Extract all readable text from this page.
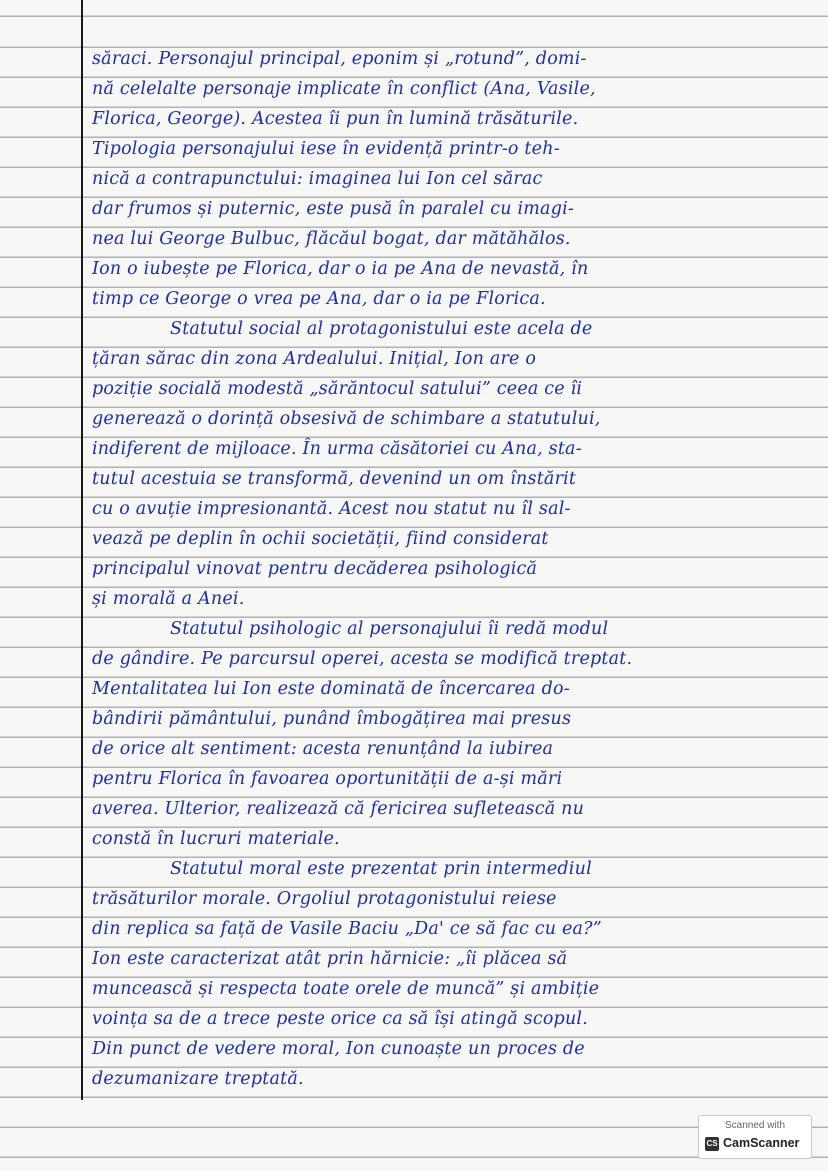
săraci. Personajul principal, eponim și „rotund”, domi-
nă celelalte personaje implicate în conflict (Ana, Vasile,
Florica, George). Acestea îi pun în lumină trăsăturile.
Tipologia personajului iese în evidență printr-o teh-
nică a contrapunctului: imaginea lui Ion cel sărac
dar frumos și puternic, este pusă în paralel cu imagi-
nea lui George Bulbuc, flăcăul bogat, dar mătăhălos.
Ion o iubește pe Florica, dar o ia pe Ana de nevastă, în
timp ce George o vrea pe Ana, dar o ia pe Florica.
Statutul social al protagonistului este acela de
țăran sărac din zona Ardealului. Inițial, Ion are o
poziție socială modestă „sărăntocul satului” ceea ce îi
generează o dorință obsesivă de schimbare a statutului,
indiferent de mijloace. În urma căsătoriei cu Ana, sta-
tutul acestuia se transformă, devenind un om înstărit
cu o avuție impresionantă. Acest nou statut nu îl sal-
vează pe deplin în ochii societății, fiind considerat
principalul vinovat pentru decăderea psihologică
și morală a Anei.
Statutul psihologic al personajului îi redă modul
de gândire. Pe parcursul operei, acesta se modifică treptat.
Mentalitatea lui Ion este dominată de încercarea do-
bândirii pământului, punând îmbogățirea mai presus
de orice alt sentiment: acesta renunțând la iubirea
pentru Florica în favoarea oportunității de a-și mări
averea. Ulterior, realizează că fericirea sufletească nu
constă în lucruri materiale.
Statutul moral este prezentat prin intermediul
trăsăturilor morale. Orgoliul protagonistului reiese
din replica sa față de Vasile Baciu „Da' ce să fac cu ea?”
Ion este caracterizat atât prin hărnicie: „îi plăcea să
muncească și respecta toate orele de muncă” și ambiție
voința sa de a trece peste orice ca să își atingă scopul.
Din punct de vedere moral, Ion cunoaște un proces de
dezumanizare treptată.
Scanned with
CS CamScanner
